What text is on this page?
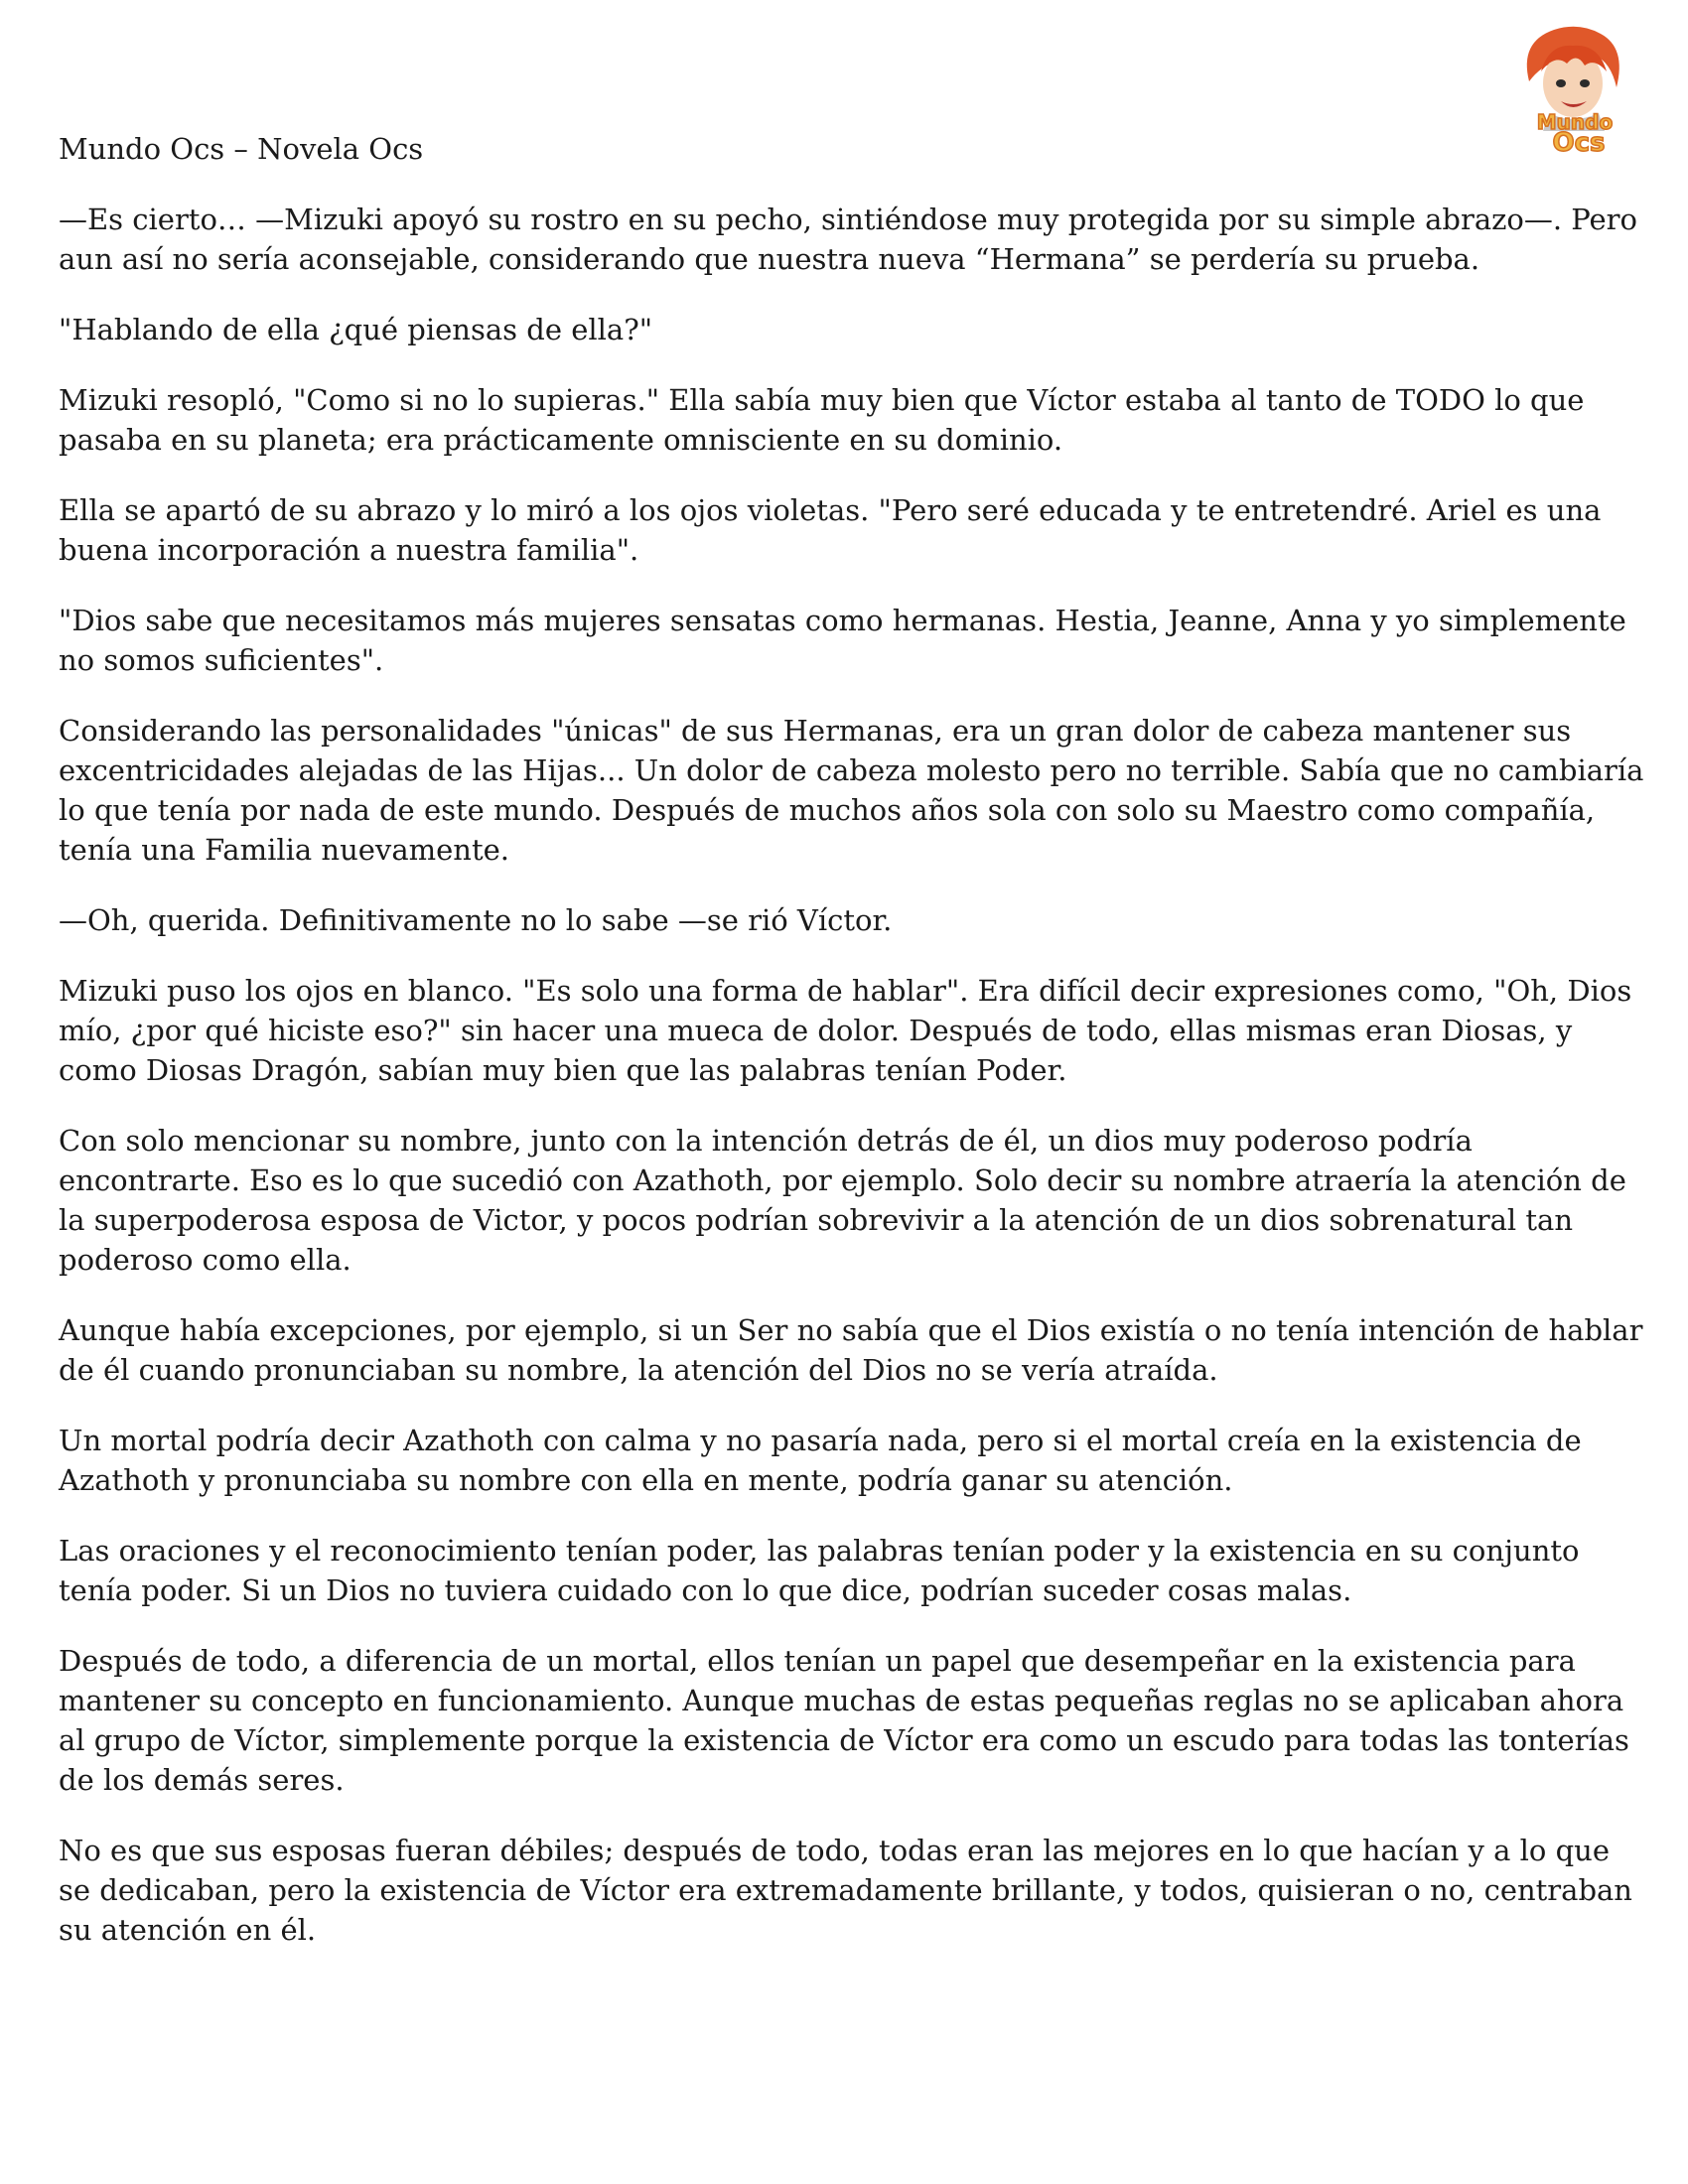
Mundo
Ocs

Mundo Ocs – Novela Ocs

—Es cierto… —Mizuki apoyó su rostro en su pecho, sintiéndose muy protegida por su simple abrazo—. Pero aun así no sería aconsejable, considerando que nuestra nueva “Hermana” se perdería su prueba.

"Hablando de ella ¿qué piensas de ella?"

Mizuki resopló, "Como si no lo supieras." Ella sabía muy bien que Víctor estaba al tanto de TODO lo que pasaba en su planeta; era prácticamente omnisciente en su dominio.

Ella se apartó de su abrazo y lo miró a los ojos violetas. "Pero seré educada y te entretendré. Ariel es una buena incorporación a nuestra familia".

"Dios sabe que necesitamos más mujeres sensatas como hermanas. Hestia, Jeanne, Anna y yo simplemente no somos suficientes".

Considerando las personalidades "únicas" de sus Hermanas, era un gran dolor de cabeza mantener sus excentricidades alejadas de las Hijas... Un dolor de cabeza molesto pero no terrible. Sabía que no cambiaría lo que tenía por nada de este mundo. Después de muchos años sola con solo su Maestro como compañía, tenía una Familia nuevamente.

—Oh, querida. Definitivamente no lo sabe —se rió Víctor.

Mizuki puso los ojos en blanco. "Es solo una forma de hablar". Era difícil decir expresiones como, "Oh, Dios mío, ¿por qué hiciste eso?" sin hacer una mueca de dolor. Después de todo, ellas mismas eran Diosas, y como Diosas Dragón, sabían muy bien que las palabras tenían Poder.

Con solo mencionar su nombre, junto con la intención detrás de él, un dios muy poderoso podría encontrarte. Eso es lo que sucedió con Azathoth, por ejemplo. Solo decir su nombre atraería la atención de la superpoderosa esposa de Victor, y pocos podrían sobrevivir a la atención de un dios sobrenatural tan poderoso como ella.

Aunque había excepciones, por ejemplo, si un Ser no sabía que el Dios existía o no tenía intención de hablar de él cuando pronunciaban su nombre, la atención del Dios no se vería atraída.

Un mortal podría decir Azathoth con calma y no pasaría nada, pero si el mortal creía en la existencia de Azathoth y pronunciaba su nombre con ella en mente, podría ganar su atención.

Las oraciones y el reconocimiento tenían poder, las palabras tenían poder y la existencia en su conjunto tenía poder. Si un Dios no tuviera cuidado con lo que dice, podrían suceder cosas malas.

Después de todo, a diferencia de un mortal, ellos tenían un papel que desempeñar en la existencia para mantener su concepto en funcionamiento. Aunque muchas de estas pequeñas reglas no se aplicaban ahora al grupo de Víctor, simplemente porque la existencia de Víctor era como un escudo para todas las tonterías de los demás seres.

No es que sus esposas fueran débiles; después de todo, todas eran las mejores en lo que hacían y a lo que se dedicaban, pero la existencia de Víctor era extremadamente brillante, y todos, quisieran o no, centraban su atención en él.
